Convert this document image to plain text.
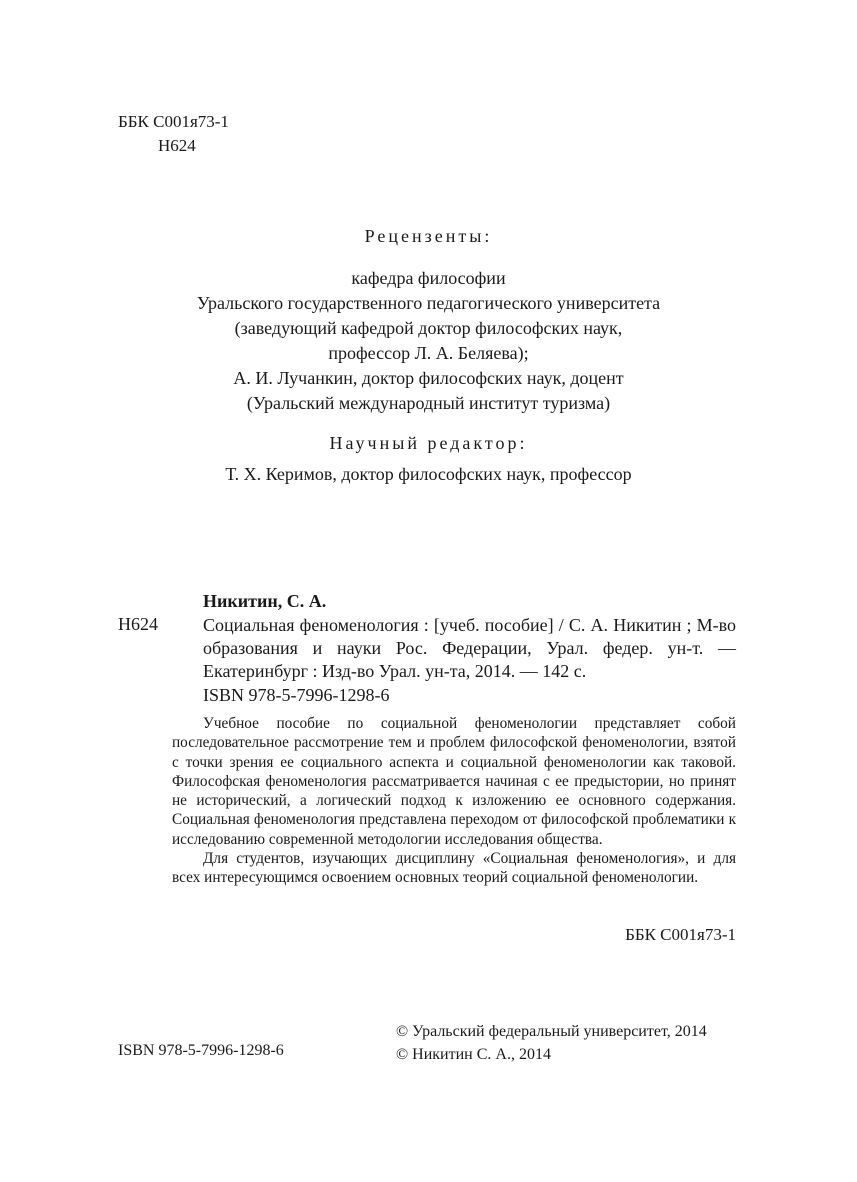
ББК С001я73-1
Н624
Рецензенты:
кафедра философии
Уральского государственного педагогического университета
(заведующий кафедрой доктор философских наук,
профессор Л. А. Беляева);
А. И. Лучанкин, доктор философских наук, доцент
(Уральский международный институт туризма)
Научный редактор:
Т. Х. Керимов, доктор философских наук, профессор
Никитин, С. А.
Н624	Социальная феноменология : [учеб. пособие] / С. А. Никитин ; М-во образования и науки Рос. Федерации, Урал. федер. ун-т. — Екатеринбург : Изд-во Урал. ун-та, 2014. — 142 с.

ISBN 978-5-7996-1298-6

Учебное пособие по социальной феноменологии представляет собой последовательное рассмотрение тем и проблем философской феноменологии, взятой с точки зрения ее социального аспекта и социальной феноменологии как таковой. Философская феноменология рассматривается начиная с ее предыстории, но принят не исторический, а логический подход к изложению ее основного содержания. Социальная феноменология представлена переходом от философской проблематики к исследованию современной методологии исследования общества.

Для студентов, изучающих дисциплину «Социальная феноменология», и для всех интересующимся освоением основных теорий социальной феноменологии.

ББК С001я73-1
ISBN 978-5-7996-1298-6
© Уральский федеральный университет, 2014
© Никитин С. А., 2014
